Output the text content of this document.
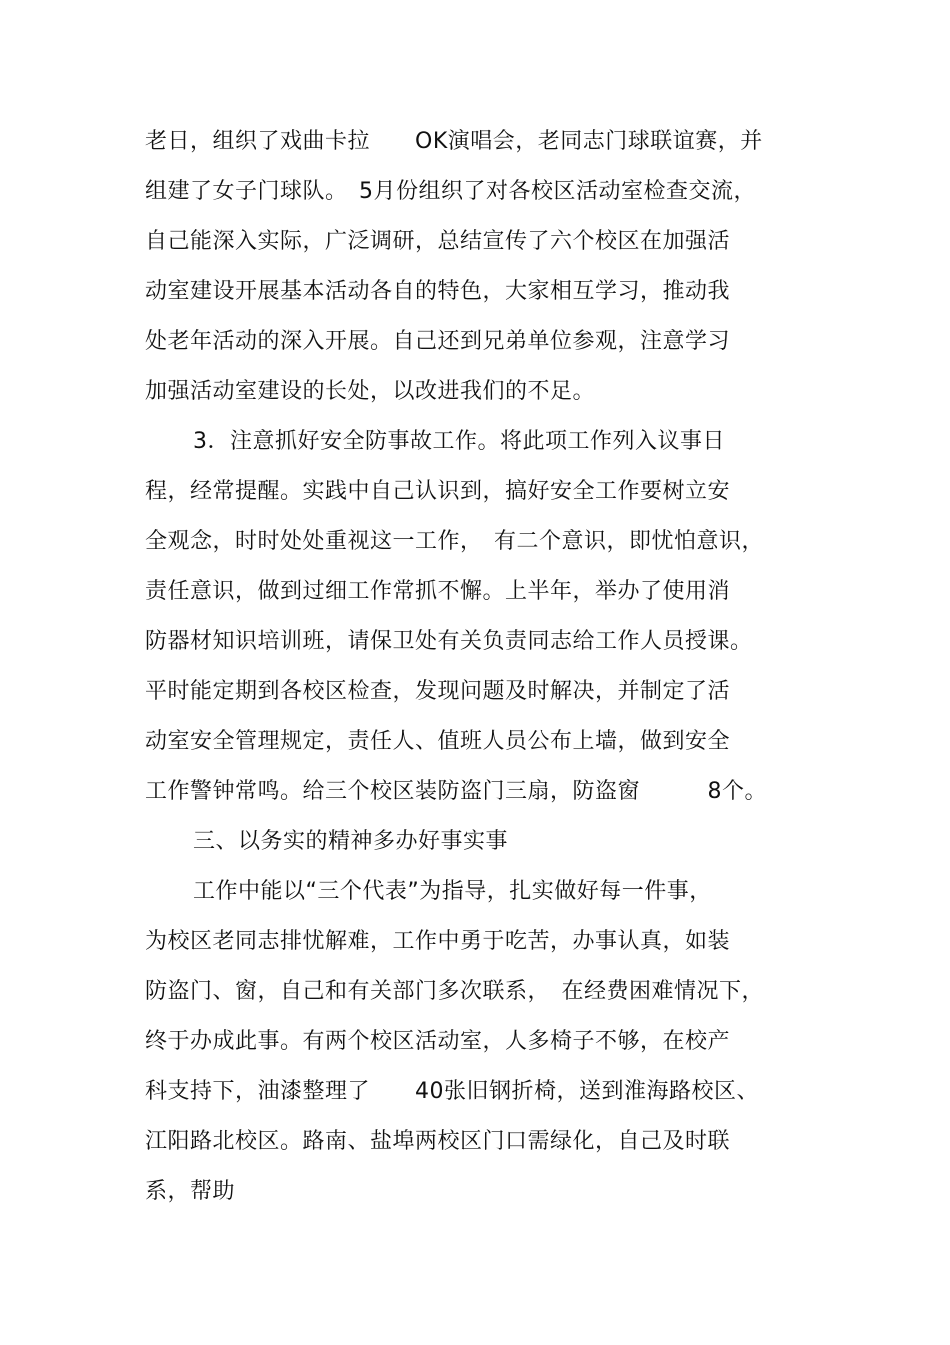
老日，组织了戏曲卡拉　　OK演唱会，老同志门球联谊赛，并
组建了女子门球队。　5月份组织了对各校区活动室检查交流，
自己能深入实际，广泛调研，总结宣传了六个校区在加强活
动室建设开展基本活动各自的特色，大家相互学习，推动我
处老年活动的深入开展。自己还到兄弟单位参观，注意学习
加强活动室建设的长处，以改进我们的不足。
3．注意抓好安全防事故工作。将此项工作列入议事日
程，经常提醒。实践中自己认识到，搞好安全工作要树立安
全观念，时时处处重视这一工作，　有二个意识，即忧怕意识，
责任意识，做到过细工作常抓不懈。上半年，举办了使用消
防器材知识培训班，请保卫处有关负责同志给工作人员授课。
平时能定期到各校区检查，发现问题及时解决，并制定了活
动室安全管理规定，责任人、值班人员公布上墙，做到安全
工作警钟常鸣。给三个校区装防盗门三扇，防盗窗　　　8个。
三、以务实的精神多办好事实事
工作中能以“三个代表”为指导，扎实做好每一件事，
为校区老同志排忧解难，工作中勇于吃苦，办事认真，如装
防盗门、窗，自己和有关部门多次联系，　在经费困难情况下，
终于办成此事。有两个校区活动室，人多椅子不够，在校产
科支持下，油漆整理了　　40张旧钢折椅，送到淮海路校区、
江阳路北校区。路南、盐埠两校区门口需绿化，自己及时联
系，帮助
